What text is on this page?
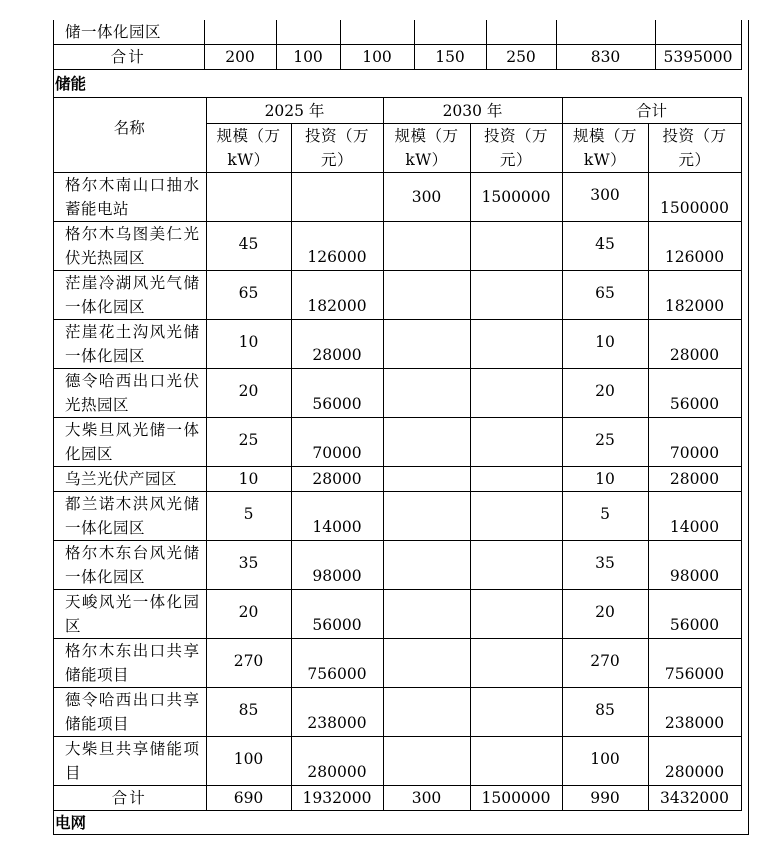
储一体化园区							
合计	200	100	100	150	250	830	5395000
储能
名称	2025 年		2030 年		合计	
	规模（万kW）	投资（万元）	规模（万kW）	投资（万元）	规模（万kW）	投资（万元）
格尔木南山口抽水蓄能电站			300	1500000	300	1500000
格尔木乌图美仁光伏光热园区	45	126000			45	126000
茫崖冷湖风光气储一体化园区	65	182000			65	182000
茫崖花土沟风光储一体化园区	10	28000			10	28000
德令哈西出口光伏光热园区	20	56000			20	56000
大柴旦风光储一体化园区	25	70000			25	70000
乌兰光伏产园区	10	28000			10	28000
都兰诺木洪风光储一体化园区	5	14000			5	14000
格尔木东台风光储一体化园区	35	98000			35	98000
天峻风光一体化园区	20	56000			20	56000
格尔木东出口共享储能项目	270	756000			270	756000
德令哈西出口共享储能项目	85	238000			85	238000
大柴旦共享储能项目	100	280000			100	280000
合计	690	1932000	300	1500000	990	3432000
电网
